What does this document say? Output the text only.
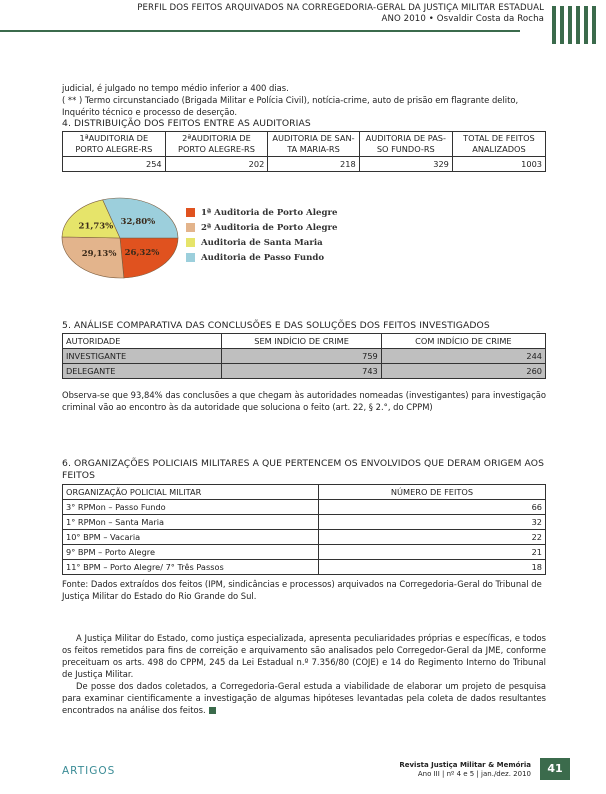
PERFIL DOS FEITOS ARQUIVADOS NA CORREGEDORIA-GERAL DA JUSTIÇA MILITAR ESTADUAL
ANO 2010 • Osvaldir Costa da Rocha
judicial, é julgado no tempo médio inferior a 400 dias.
( ** ) Termo circunstanciado (Brigada Militar e Polícia Civil), notícia-crime, auto de prisão em flagrante delito, Inquérito técnico e processo de deserção.
4. DISTRIBUIÇÃO DOS FEITOS ENTRE AS AUDITORIAS
1ªAUDITORIA DE PORTO ALEGRE-RS	2ªAUDITORIA DE PORTO ALEGRE-RS	AUDITORIA DE SAN-TA MARIA-RS	AUDITORIA DE PAS-SO FUNDO-RS	TOTAL DE FEITOS ANALIZADOS
254	202	218	329	1003
26,32%
29,13%
21,73% 32,80%
1ª Auditoria de Porto Alegre
2ª Auditoria de Porto Alegre
Auditoria de Santa Maria
Auditoria de Passo Fundo
5. ANÁLISE COMPARATIVA DAS CONCLUSÕES E DAS SOLUÇÕES DOS FEITOS INVESTIGADOS
AUTORIDADE	SEM INDÍCIO DE CRIME	COM INDÍCIO DE CRIME
INVESTIGANTE	759	244
DELEGANTE	743	260
Observa-se que 93,84% das conclusões a que chegam às autoridades nomeadas (investigantes) para investigação criminal vão ao encontro às da autoridade que soluciona o feito (art. 22, § 2.°, do CPPM)
6. ORGANIZAÇÕES POLICIAIS MILITARES A QUE PERTENCEM OS ENVOLVIDOS QUE DERAM ORIGEM AOS FEITOS
ORGANIZAÇÃO POLICIAL MILITAR	NÚMERO DE FEITOS
3° RPMon – Passo Fundo	66
1° RPMon – Santa Maria	32
10° BPM – Vacaria	22
9° BPM – Porto Alegre	21
11° BPM – Porto Alegre/ 7° Três Passos	18
Fonte: Dados extraídos dos feitos (IPM, sindicâncias e processos) arquivados na Corregedoria-Geral do Tribunal de Justiça Militar do Estado do Rio Grande do Sul.

A Justiça Militar do Estado, como justiça especializada, apresenta peculiaridades próprias e específicas, e todos os feitos remetidos para fins de correição e arquivamento são analisados pelo Corregedor-Geral da JME, conforme preceituam os arts. 498 do CPPM, 245 da Lei Estadual n.º 7.356/80 (COJE) e 14 do Regimento Interno do Tribunal de Justiça Militar.

De posse dos dados coletados, a Corregedoria-Geral estuda a viabilidade de elaborar um projeto de pesquisa para examinar cientificamente a investigação de algumas hipóteses levantadas pela coleta de dados resultantes encontrados na análise dos feitos.

ARTIGOS	Revista Justiça Militar & Memória
Ano III | nº 4 e 5 | jan./dez. 2010	41
